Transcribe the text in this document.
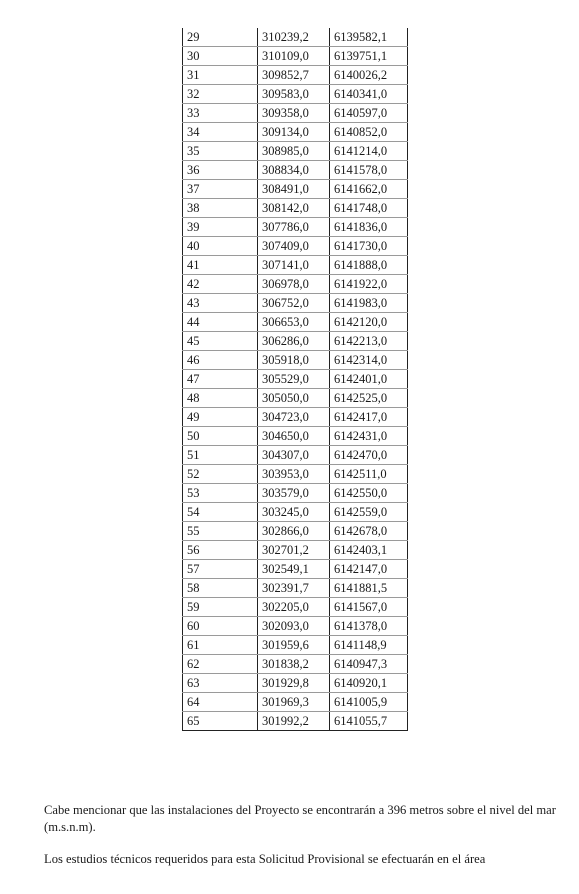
29	310239,2	6139582,1
30	310109,0	6139751,1
31	309852,7	6140026,2
32	309583,0	6140341,0
33	309358,0	6140597,0
34	309134,0	6140852,0
35	308985,0	6141214,0
36	308834,0	6141578,0
37	308491,0	6141662,0
38	308142,0	6141748,0
39	307786,0	6141836,0
40	307409,0	6141730,0
41	307141,0	6141888,0
42	306978,0	6141922,0
43	306752,0	6141983,0
44	306653,0	6142120,0
45	306286,0	6142213,0
46	305918,0	6142314,0
47	305529,0	6142401,0
48	305050,0	6142525,0
49	304723,0	6142417,0
50	304650,0	6142431,0
51	304307,0	6142470,0
52	303953,0	6142511,0
53	303579,0	6142550,0
54	303245,0	6142559,0
55	302866,0	6142678,0
56	302701,2	6142403,1
57	302549,1	6142147,0
58	302391,7	6141881,5
59	302205,0	6141567,0
60	302093,0	6141378,0
61	301959,6	6141148,9
62	301838,2	6140947,3
63	301929,8	6140920,1
64	301969,3	6141005,9
65	301992,2	6141055,7

Cabe mencionar que las instalaciones del Proyecto se encontrarán a 396 metros sobre el nivel del mar (m.s.n.m).

Los estudios técnicos requeridos para esta Solicitud Provisional se efectuarán en el área
